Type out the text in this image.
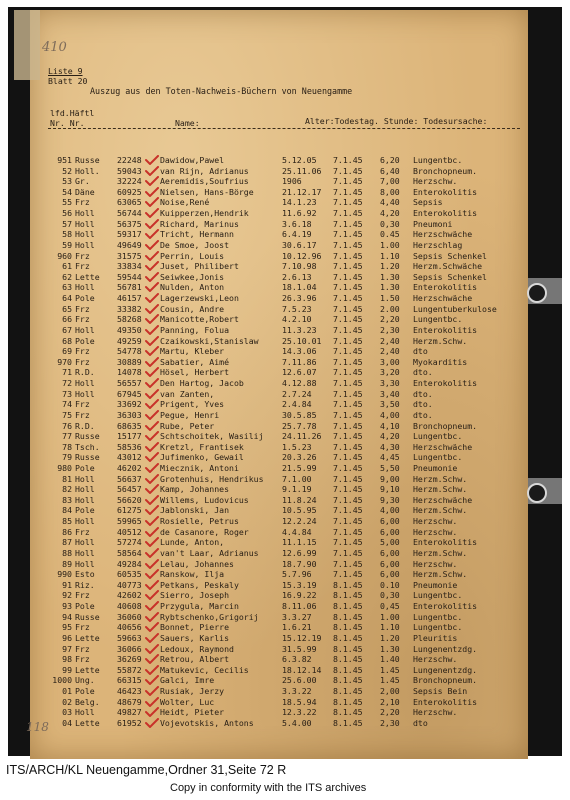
410
118
Liste 9
Blatt 20
Auszug aus den Toten-Nachweis-Büchern von Neuengamme
lfd.Häftl
Nr. Nr.	Name:	Alter:Todestag. Stunde: Todesursache:
951 Russe 22248 Dawidow,Pawel	5.12.05 7.1.45 6,20 Lungentbc.
52 Holl. 59043 van Rijn, Adrianus	25.11.06 7.1.45 6,40 Bronchopneum.
53 Gr.	32224 Aeremidis,Soufrius	1906	7.1.45 7,00 Herzschw.
54 Däne	60925 Nielsen, Hans-Börge	21.12.17 7.1.45 8,00 Enterokolitis
55 Frz	63065 Noise,René	14.1.23 7.1.45 4,40 Sepsis
56 Holl	56744 Kuipperzen,Hendrik	11.6.92 7.1.45 4,20 Enterokolitis
57 Holl	56375 Richard, Marinus	3.6.18	7.1.45 0,30 Pneumoni
58 Holl	59317 Tricht, Hermann	6.4.19	7.1.45 0.45 Herzschwäche
59 Holl	49649 De Smoe, Joost	30.6.17 7.1.45 1.00 Herzschlag
960 Frz	31575 Perrin, Louis	10.12.96 7.1.45 1.10 Sepsis Schenkel
61 Frz	33834 Juset, Philibert	7.10.98 7.1.45 1.20 Herzm.Schwäche
62 Lette 59544 Seiwkee,Jonis	2.6.13	7.1.45 1.30 Sepsis Schenkel
63 Holl	56781 Nulden, Anton	18.1.04 7.1.45 1.30 Enterokolitis
64 Pole	46157 Lagerzewski,Leon	26.3.96 7.1.45 1.50 Herzschwäche
65 Frz	33382 Cousin, Andre	7.5.23	7.1.45 2.00 Lungentuberkulose
66 Frz	58268 Manicotte,Robert	4.2.10	7.1.45 2,20 Lungentbc.
67 Holl	49350 Panning, Folua	11.3.23 7.1.45 2,30 Enterokolitis
68 Pole	49259 Czaikowski,Stanislaw	25.10.01 7.1.45 2,40 Herzm.Schw.
69 Frz	54778 Martu, Kleber	14.3.06 7.1.45 2,40 dto
970 Frz	30889 Sabatier, Aimé	7.11.86 7.1.45 3,00 Myokarditis
71 R.D.	14078 Hösel, Herbert	12.6.07 7.1.45 3,20 dto.
72 Holl	56557 Den Hartog, Jacob	4.12.88 7.1.45 3,30 Enterokolitis
73 Holl	67945 van Zanten,	2.7.24	7.1.45 3,40 dto.
74 Frz	33692 Prigent, Yves	2.4.84	7.1.45 3,50 dto.
75 Frz	36303 Pegue, Henri	30.5.85 7.1.45 4,00 dto.
76 R.D.	68635 Rube, Peter	25.7.78 7.1.45 4,10 Bronchopneum.
77 Russe 15177 Schtschoitek, Wasilij 24.11.26 7.1.45 4,20 Lungentbc.
78 Tsch. 58536 Kretzl, Frantisek	1.5.23	7.1.45 4,30 Herzschwäche
79 Russe 43012 Jufimenko, Gewail	20.3.26 7.1.45 4,45 Lungentbc.
980 Pole	46202 Miecznik, Antoni	21.5.99 7.1.45 5,50 Pneumonie
81 Holl	56637 Grotenhuis, Hendrikus 7.1.00	7.1.45 9,00 Herzm.Schw.
82 Holl	56457 Kamp, Johannes	9.1.19	7.1.45 9,10 Herzm.Schw.
83 Holl	56620 Willems, Ludovicus	11.8.24 7.1.45 9,30 Herzschwäche
84 Pole	61275 Jablonski, Jan	10.5.95 7.1.45 4,00 Herzm.Schw.
85 Holl	59965 Rosielle, Petrus	12.2.24 7.1.45 6,00 Herzschw.
86 Frz	40512 de Casanore, Roger	4.4.84	7.1.45 6,00 Herzschw.
87 Holl	57274 Lunde, Anton,	11.1.15 7.1.45 5,00 Enterokolitis
88 Holl	58564 van't Laar, Adrianus	12.6.99 7.1.45 6,00 Herzm.Schw.
89 Holl	49284 Lelau, Johannes	18.7.90 7.1.45 6,00 Herzschw.
990 Esto	60535 Ranskow, Ilja	5.7.96	7.1.45 6,00 Herzm.Schw.
91 Riz.	40773 Petkans, Peskaly	15.3.19 8.1.45 0.10 Pneumonie
92 Frz	42602 Sierro, Joseph	16.9.22 8.1.45 0,30 Lungentbc.
93 Pole	40608 Przygula, Marcin	8.11.06 8.1.45 0,45 Enterokolitis
94 Russe 36060 Rybtschenko,Grigorij	3.3.27	8.1.45 1.00 Lungentbc.
95 Frz	40656 Bonnet, Pierre	1.6.21	8.1.45 1.10 Lungentbc.
96 Lette 59663 Sauers, Karlis	15.12.19 8.1.45 1.20 Pleuritis
97 Frz	36066 Ledoux, Raymond	31.5.99 8.1.45 1.30 Lungenentzdg.
98 Frz	36269 Retrou, Albert	6.3.82	8.1.45 1.40 Herzschw.
99 Lette 55872 Matukevic, Cecilis	18.12.14 8.1.45 1.45 Lungenentzdg.
1000 Ung.	66315 Galci, Imre	25.6.00 8.1.45 1.45 Bronchopneum.
01 Pole	46423 Rusiak, Jerzy	3.3.22	8.1.45 2,00 Sepsis Bein
02 Belg. 48679 Wolter, Luc	18.5.94 8.1.45 2,10 Enterokolitis
03 Holl	49827 Heidt, Pieter	12.3.22 8.1.45 2,20 Herzschw.
04 Lette 61952 Vojevotskis, Antons	5.4.00	8.1.45 2,30 dto
ITS/ARCH/KL Neuengamme,Ordner 31,Seite 72 R
Copy in conformity with the ITS archives
